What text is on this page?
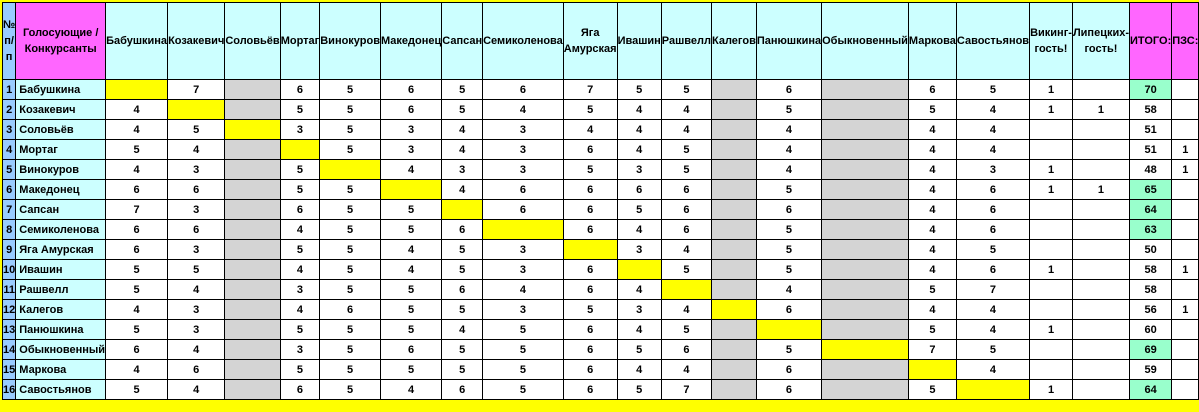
№ п/п	Голосующие / Конкурсанты	Бабушкина	Козакевич	Соловьёв	Мортаг	Винокуров	Македонец	Сапсан	Семиколенова	Яга Амурская	Ивашин	Рашвелл	Калегов	Панюшкина	Обыкновенный	Маркова	Савостьянов	Викинг-гость!	Липецких-гость!	ИТОГО:	ПЗС:
1	Бабушкина		7		6	5	6	5	6	7	5	5		6		6	5	1		70	
2	Козакевич	4			5	5	6	5	4	5	4	4		5		5	4	1	1	58	
3	Соловьёв	4	5		3	5	3	4	3	4	4	4		4		4	4			51	
4	Мортаг	5	4			5	3	4	3	6	4	5		4		4	4			51	1
5	Винокуров	4	3		5		4	3	3	5	3	5		4		4	3	1		48	1
6	Македонец	6	6		5	5		4	6	6	6	6		5		4	6	1	1	65	
7	Сапсан	7	3		6	5	5		6	6	5	6		6		4	6			64	
8	Семиколенова	6	6		4	5	5	6		6	4	6		5		4	6			63	
9	Яга Амурская	6	3		5	5	4	5	3		3	4		5		4	5			50	
10	Ивашин	5	5		4	5	4	5	3	6		5		5		4	6	1		58	1
11	Рашвелл	5	4		3	5	5	6	4	6	4			4		5	7			58	
12	Калегов	4	3		4	6	5	5	3	5	3	4		6		4	4			56	1
13	Панюшкина	5	3		5	5	5	4	5	6	4	5				5	4	1		60	
14	Обыкновенный	6	4		3	5	6	5	5	6	5	6		5		7	5			69	
15	Маркова	4	6		5	5	5	5	5	6	4	4		6			4			59	
16	Савостьянов	5	4		6	5	4	6	5	6	5	7		6		5		1		64	
